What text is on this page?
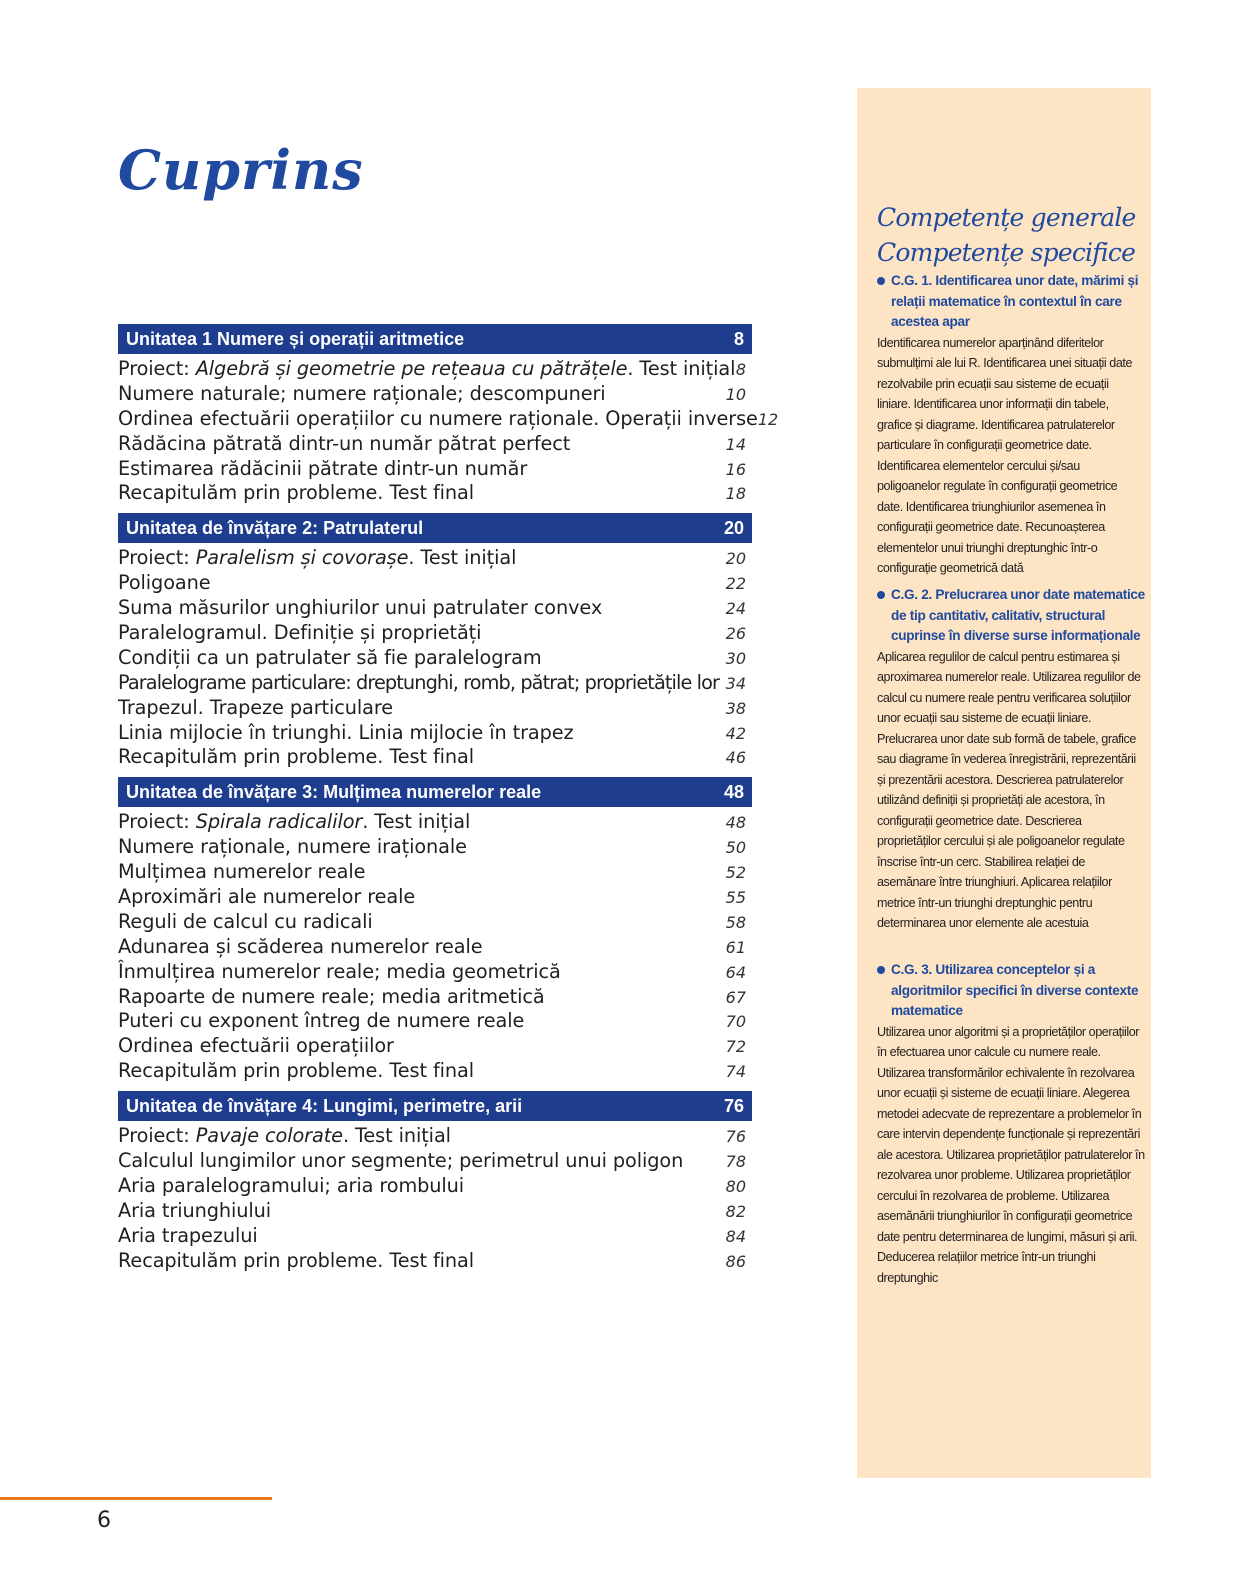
Cuprins
Unitatea 1 Numere și operații aritmetice	8
Proiect: Algebră și geometrie pe rețeaua cu pătrățele. Test inițial 8
Numere naturale; numere raționale; descompuneri	10
Ordinea efectuării operațiilor cu numere raționale. Operații inverse 12
Rădăcina pătrată dintr-un număr pătrat perfect	14
Estimarea rădăcinii pătrate dintr-un număr	16
Recapitulăm prin probleme. Test final	18
Unitatea de învățare 2: Patrulaterul	20
Proiect: Paralelism și covorașe. Test inițial	20
Poligoane	22
Suma măsurilor unghiurilor unui patrulater convex	24
Paralelogramul. Definiție și proprietăți	26
Condiții ca un patrulater să fie paralelogram	30
Paralelograme particulare: dreptunghi, romb, pătrat; proprietățile lor 34
Trapezul. Trapeze particulare	38
Linia mijlocie în triunghi. Linia mijlocie în trapez	42
Recapitulăm prin probleme. Test final	46
Unitatea de învățare 3: Mulțimea numerelor reale	48
Proiect: Spirala radicalilor. Test inițial	48
Numere raționale, numere iraționale	50
Mulțimea numerelor reale	52
Aproximări ale numerelor reale	55
Reguli de calcul cu radicali	58
Adunarea și scăderea numerelor reale	61
Înmulțirea numerelor reale; media geometrică	64
Rapoarte de numere reale; media aritmetică	67
Puteri cu exponent întreg de numere reale	70
Ordinea efectuării operațiilor	72
Recapitulăm prin probleme. Test final	74
Unitatea de învățare 4: Lungimi, perimetre, arii	76
Proiect: Pavaje colorate. Test inițial	76
Calculul lungimilor unor segmente; perimetrul unui poligon	78
Aria paralelogramului; aria rombului	80
Aria triunghiului	82
Aria trapezului	84
Recapitulăm prin probleme. Test final	86
Competențe generale
Competențe specifice
C.G. 1. Identificarea unor date, mărimi și relații matematice în contextul în care acestea apar
Identificarea numerelor aparținând diferitelor submulțimi ale lui R. Identificarea unei situații date rezolvabile prin ecuații sau sisteme de ecuații liniare. Identificarea unor informații din tabele, grafice și diagrame. Identificarea patrulaterelor particulare în configurații geometrice date. Identificarea elementelor cercului și/sau poligoanelor regulate în configurații geometrice date. Identificarea triunghiurilor asemenea în configurații geometrice date. Recunoașterea elementelor unui triunghi dreptunghic într-o configurație geometrică dată
C.G. 2. Prelucrarea unor date matematice de tip cantitativ, calitativ, structural cuprinse în diverse surse informaționale
Aplicarea regulilor de calcul pentru estimarea și aproximarea numerelor reale. Utilizarea regulilor de calcul cu numere reale pentru verificarea soluțiilor unor ecuații sau sisteme de ecuații liniare. Prelucrarea unor date sub formă de tabele, grafice sau diagrame în vederea înregistrării, reprezentării și prezentării acestora. Descrierea patrulaterelor utilizând definiții și proprietăți ale acestora, în configurații geometrice date. Descrierea proprietăților cercului și ale poligoanelor regulate înscrise într-un cerc. Stabilirea relației de asemănare între triunghiuri. Aplicarea relațiilor metrice într-un triunghi dreptunghic pentru determinarea unor elemente ale acestuia
C.G. 3. Utilizarea conceptelor și a algoritmilor specifici în diverse contexte matematice
Utilizarea unor algoritmi și a proprietăților operațiilor în efectuarea unor calcule cu numere reale. Utilizarea transformărilor echivalente în rezolvarea unor ecuații și sisteme de ecuații liniare. Alegerea metodei adecvate de reprezentare a problemelor în care intervin dependențe funcționale și reprezentări ale acestora. Utilizarea proprietăților patrulaterelor în rezolvarea unor probleme. Utilizarea proprietăților cercului în rezolvarea de probleme. Utilizarea asemănării triunghiurilor în configurații geometrice date pentru determinarea de lungimi, măsuri și arii. Deducerea relațiilor metrice într-un triunghi dreptunghic
6
